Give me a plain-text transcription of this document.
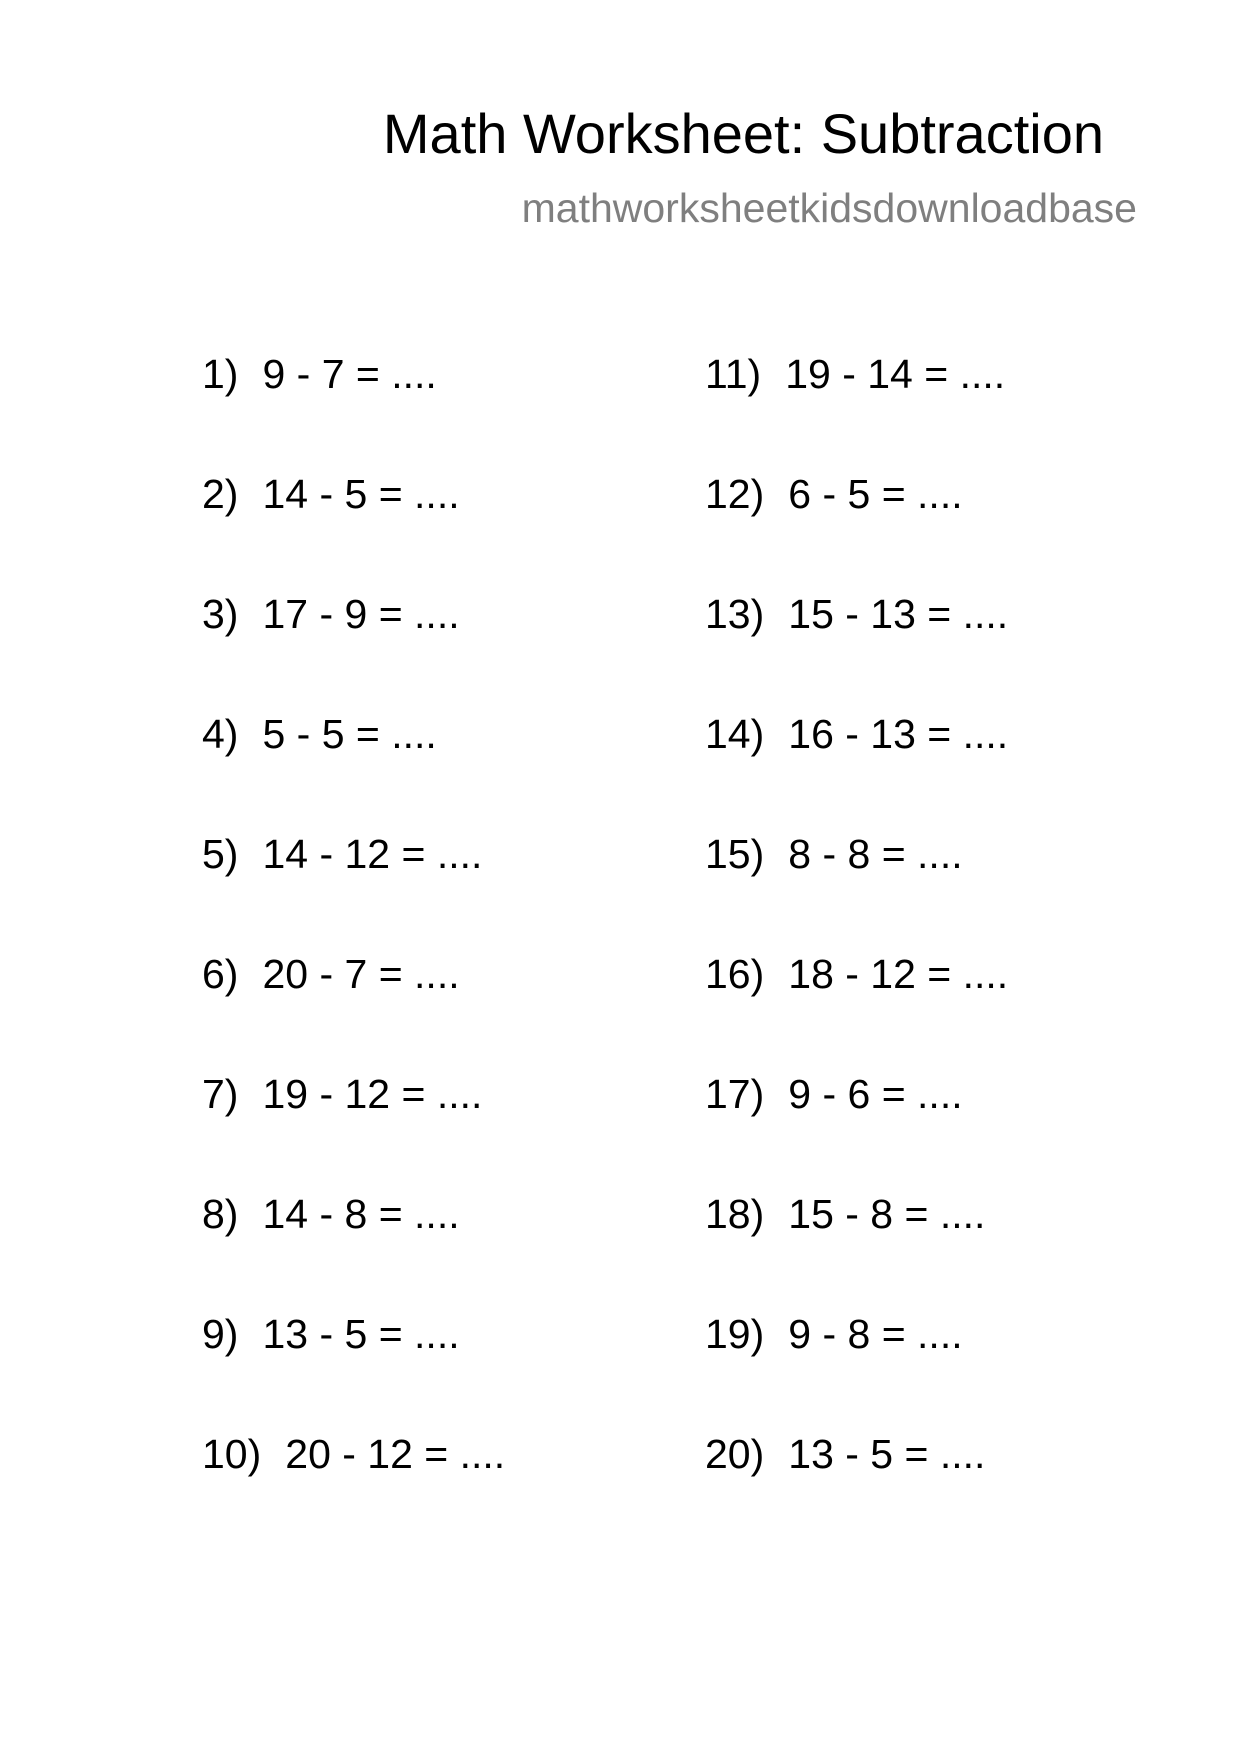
Math Worksheet: Subtraction
mathworksheetkidsdownloadbase
1) 9 - 7 = ....
2) 14 - 5 = ....
3) 17 - 9 = ....
4) 5 - 5 = ....
5) 14 - 12 = ....
6) 20 - 7 = ....
7) 19 - 12 = ....
8) 14 - 8 = ....
9) 13 - 5 = ....
10) 20 - 12 = ....
11) 19 - 14 = ....
12) 6 - 5 = ....
13) 15 - 13 = ....
14) 16 - 13 = ....
15) 8 - 8 = ....
16) 18 - 12 = ....
17) 9 - 6 = ....
18) 15 - 8 = ....
19) 9 - 8 = ....
20) 13 - 5 = ....
